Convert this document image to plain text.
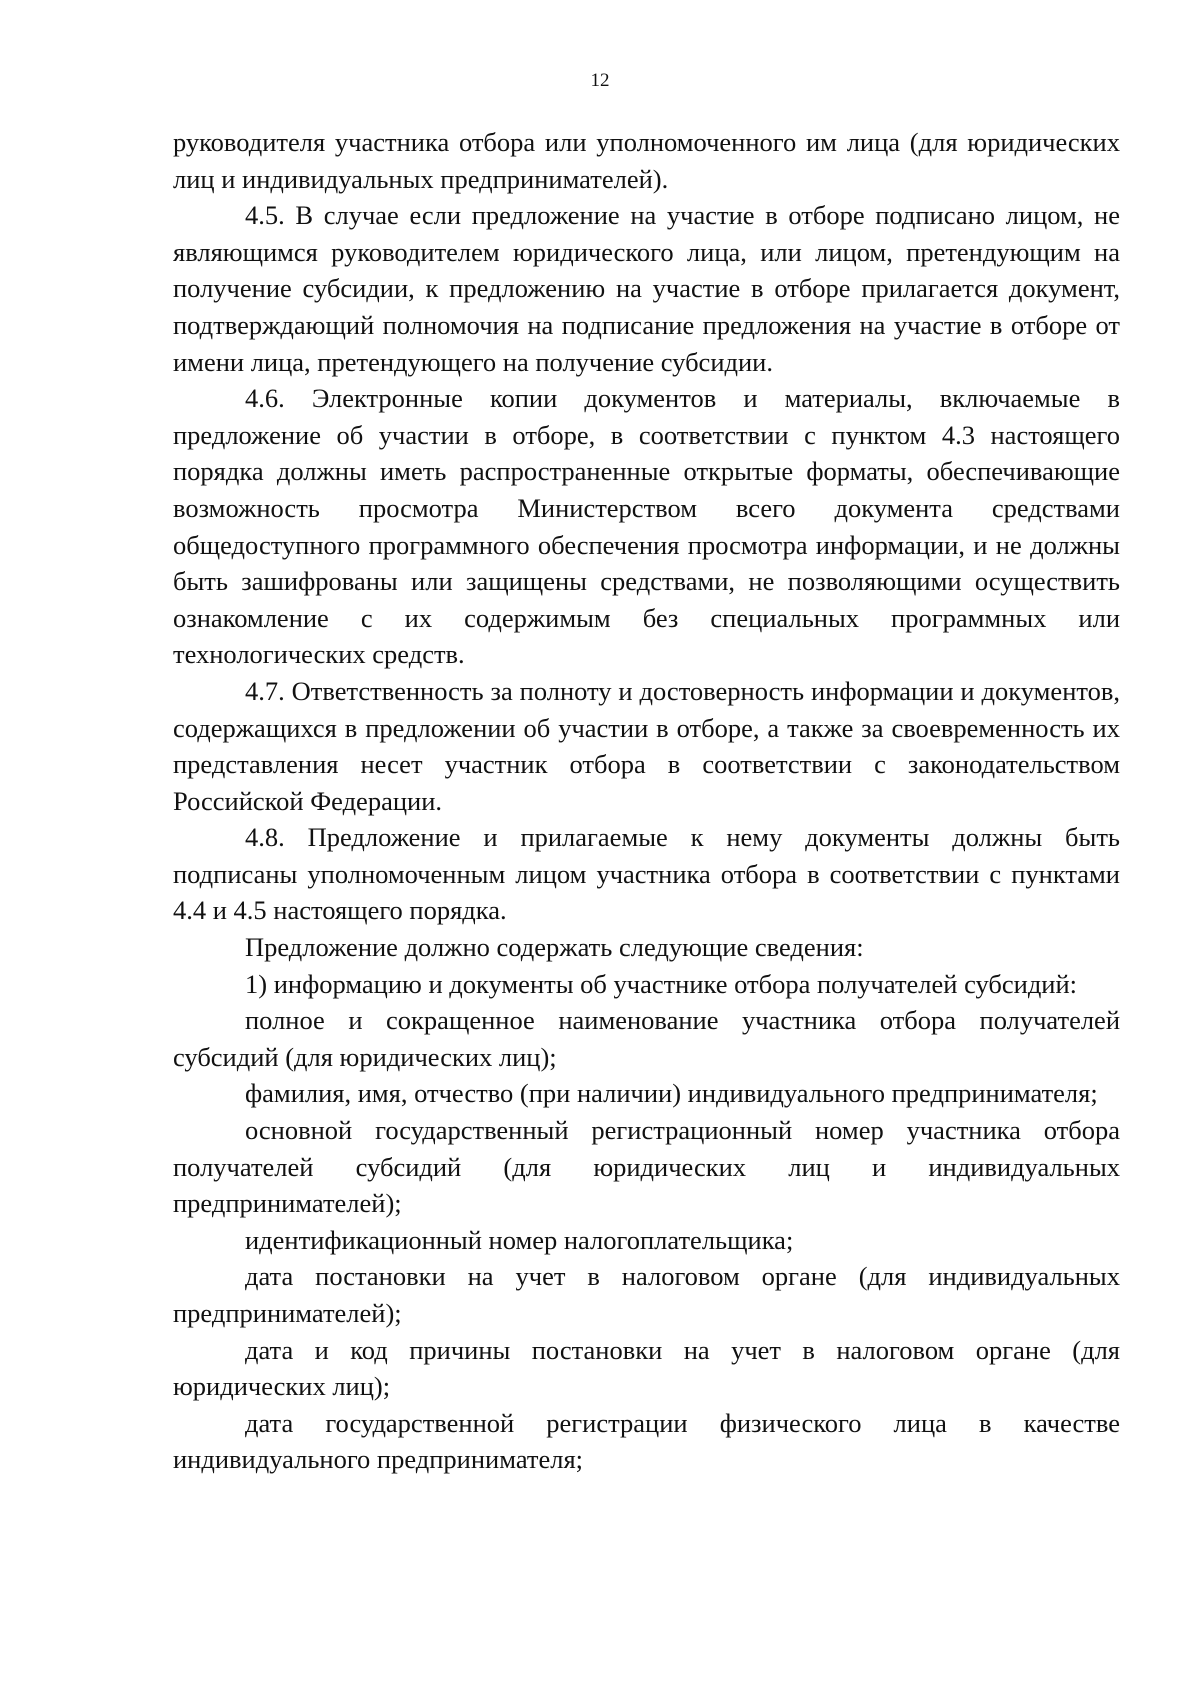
12

руководителя участника отбора или уполномоченного им лица (для юридических лиц и индивидуальных предпринимателей).

4.5. В случае если предложение на участие в отборе подписано лицом, не являющимся руководителем юридического лица, или лицом, претендующим на получение субсидии, к предложению на участие в отборе прилагается документ, подтверждающий полномочия на подписание предложения на участие в отборе от имени лица, претендующего на получение субсидии.

4.6. Электронные копии документов и материалы, включаемые в предложение об участии в отборе, в соответствии с пунктом 4.3 настоящего порядка должны иметь распространенные открытые форматы, обеспечивающие возможность просмотра Министерством всего документа средствами общедоступного программного обеспечения просмотра информации, и не должны быть зашифрованы или защищены средствами, не позволяющими осуществить ознакомление с их содержимым без специальных программных или технологических средств.

4.7. Ответственность за полноту и достоверность информации и документов, содержащихся в предложении об участии в отборе, а также за своевременность их представления несет участник отбора в соответствии с законодательством Российской Федерации.

4.8. Предложение и прилагаемые к нему документы должны быть подписаны уполномоченным лицом участника отбора в соответствии с пунктами 4.4 и 4.5 настоящего порядка.

Предложение должно содержать следующие сведения:

1) информацию и документы об участнике отбора получателей субсидий:

полное и сокращенное наименование участника отбора получателей субсидий (для юридических лиц);

фамилия, имя, отчество (при наличии) индивидуального предпринимателя;

основной государственный регистрационный номер участника отбора получателей субсидий (для юридических лиц и индивидуальных предпринимателей);

идентификационный номер налогоплательщика;

дата постановки на учет в налоговом органе (для индивидуальных предпринимателей);

дата и код причины постановки на учет в налоговом органе (для юридических лиц);

дата государственной регистрации физического лица в качестве индивидуального предпринимателя;
